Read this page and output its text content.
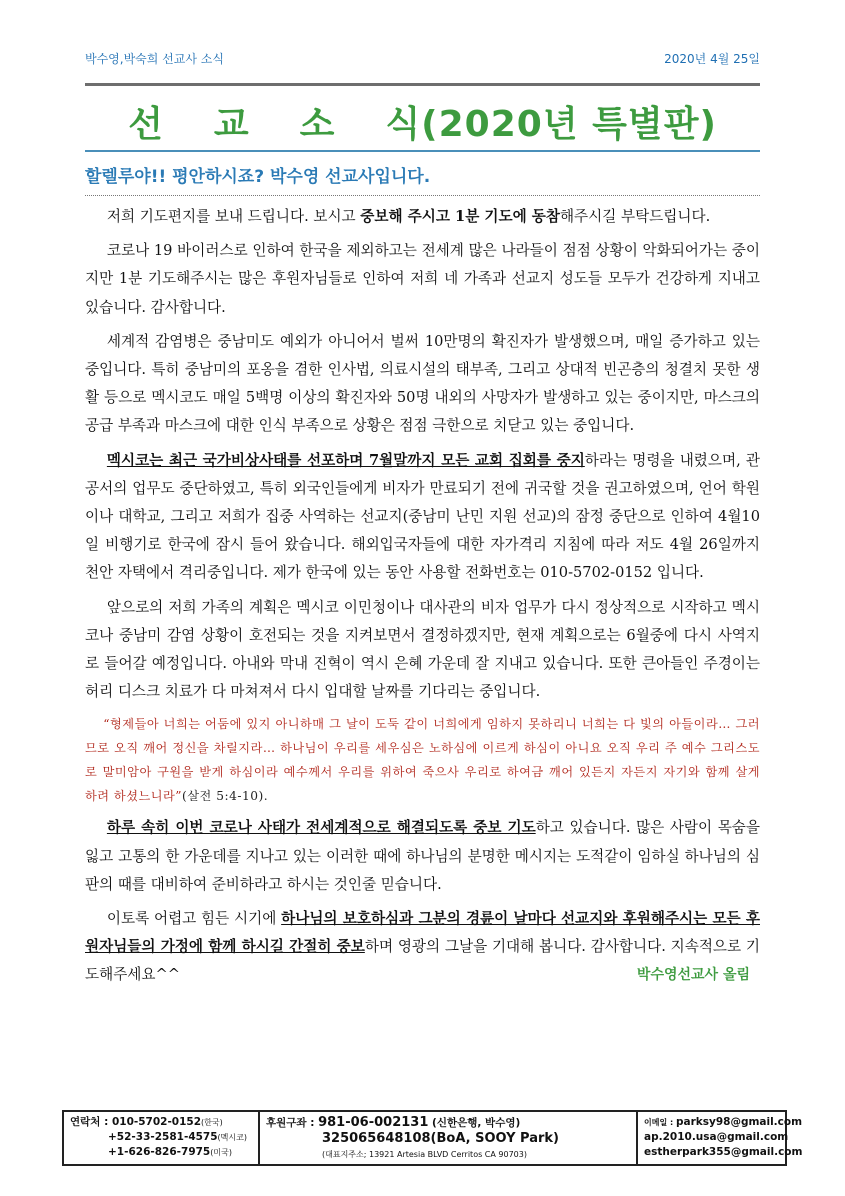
박수영,박숙희 선교사 소식	2020년 4월 25일
선 교 소 식(2020년 특별판)
할렐루야!! 평안하시죠? 박수영 선교사입니다.

저희 기도편지를 보내 드립니다. 보시고 중보해 주시고 1분 기도에 동참해주시길 부탁드립니다.

코로나 19 바이러스로 인하여 한국을 제외하고는 전세계 많은 나라들이 점점 상황이 악화되어가는 중이지만 1분 기도해주시는 많은 후원자님들로 인하여 저희 네 가족과 선교지 성도들 모두가 건강하게 지내고 있습니다. 감사합니다.

세계적 감염병은 중남미도 예외가 아니어서 벌써 10만명의 확진자가 발생했으며, 매일 증가하고 있는 중입니다. 특히 중남미의 포옹을 겸한 인사법, 의료시설의 태부족, 그리고 상대적 빈곤층의 청결치 못한 생활 등으로 멕시코도 매일 5백명 이상의 확진자와 50명 내외의 사망자가 발생하고 있는 중이지만, 마스크의 공급 부족과 마스크에 대한 인식 부족으로 상황은 점점 극한으로 치닫고 있는 중입니다.

멕시코는 최근 국가비상사태를 선포하며 7월말까지 모든 교회 집회를 중지하라는 명령을 내렸으며, 관공서의 업무도 중단하였고, 특히 외국인들에게 비자가 만료되기 전에 귀국할 것을 권고하였으며, 언어 학원이나 대학교, 그리고 저희가 집중 사역하는 선교지(중남미 난민 지원 선교)의 잠정 중단으로 인하여 4월10일 비행기로 한국에 잠시 들어 왔습니다. 해외입국자들에 대한 자가격리 지침에 따라 저도 4월 26일까지 천안 자택에서 격리중입니다. 제가 한국에 있는 동안 사용할 전화번호는 010-5702-0152 입니다.

앞으로의 저희 가족의 계획은 멕시코 이민청이나 대사관의 비자 업무가 다시 정상적으로 시작하고 멕시코나 중남미 감염 상황이 호전되는 것을 지켜보면서 결정하겠지만, 현재 계획으로는 6월중에 다시 사역지로 들어갈 예정입니다. 아내와 막내 진혁이 역시 은혜 가운데 잘 지내고 있습니다. 또한 큰아들인 주경이는 허리 디스크 치료가 다 마쳐져서 다시 입대할 날짜를 기다리는 중입니다.

“형제들아 너희는 어둠에 있지 아니하매 그 날이 도둑 같이 너희에게 임하지 못하리니 너희는 다 빛의 아들이라… 그러므로 오직 깨어 정신을 차릴지라… 하나님이 우리를 세우심은 노하심에 이르게 하심이 아니요 오직 우리 주 예수 그리스도로 말미암아 구원을 받게 하심이라 예수께서 우리를 위하여 죽으사 우리로 하여금 깨어 있든지 자든지 자기와 함께 살게 하려 하셨느니라”(살전 5:4-10).

하루 속히 이번 코로나 사태가 전세계적으로 해결되도록 중보 기도하고 있습니다. 많은 사람이 목숨을 잃고 고통의 한 가운데를 지나고 있는 이러한 때에 하나님의 분명한 메시지는 도적같이 임하실 하나님의 심판의 때를 대비하여 준비하라고 하시는 것인줄 믿습니다.

이토록 어렵고 힘든 시기에 하나님의 보호하심과 그분의 경륜이 날마다 선교지와 후원해주시는 모든 후원자님들의 가정에 함께 하시길 간절히 중보하며 영광의 그날을 기대해 봅니다. 감사합니다. 지속적으로 기도해주세요^^	박수영선교사 올림
연락처 : 010-5702-0152(한국)
+52-33-2581-4575(멕시코)
+1-626-826-7975(미국)
후원구좌 : 981-06-002131 (신한은행, 박수영)
325065648108(BoA, SOOY Park)
(대표지주소; 13921 Artesia BLVD Cerritos CA 90703)
이메일 : parksy98@gmail.com
ap.2010.usa@gmail.com
estherpark355@gmail.com
